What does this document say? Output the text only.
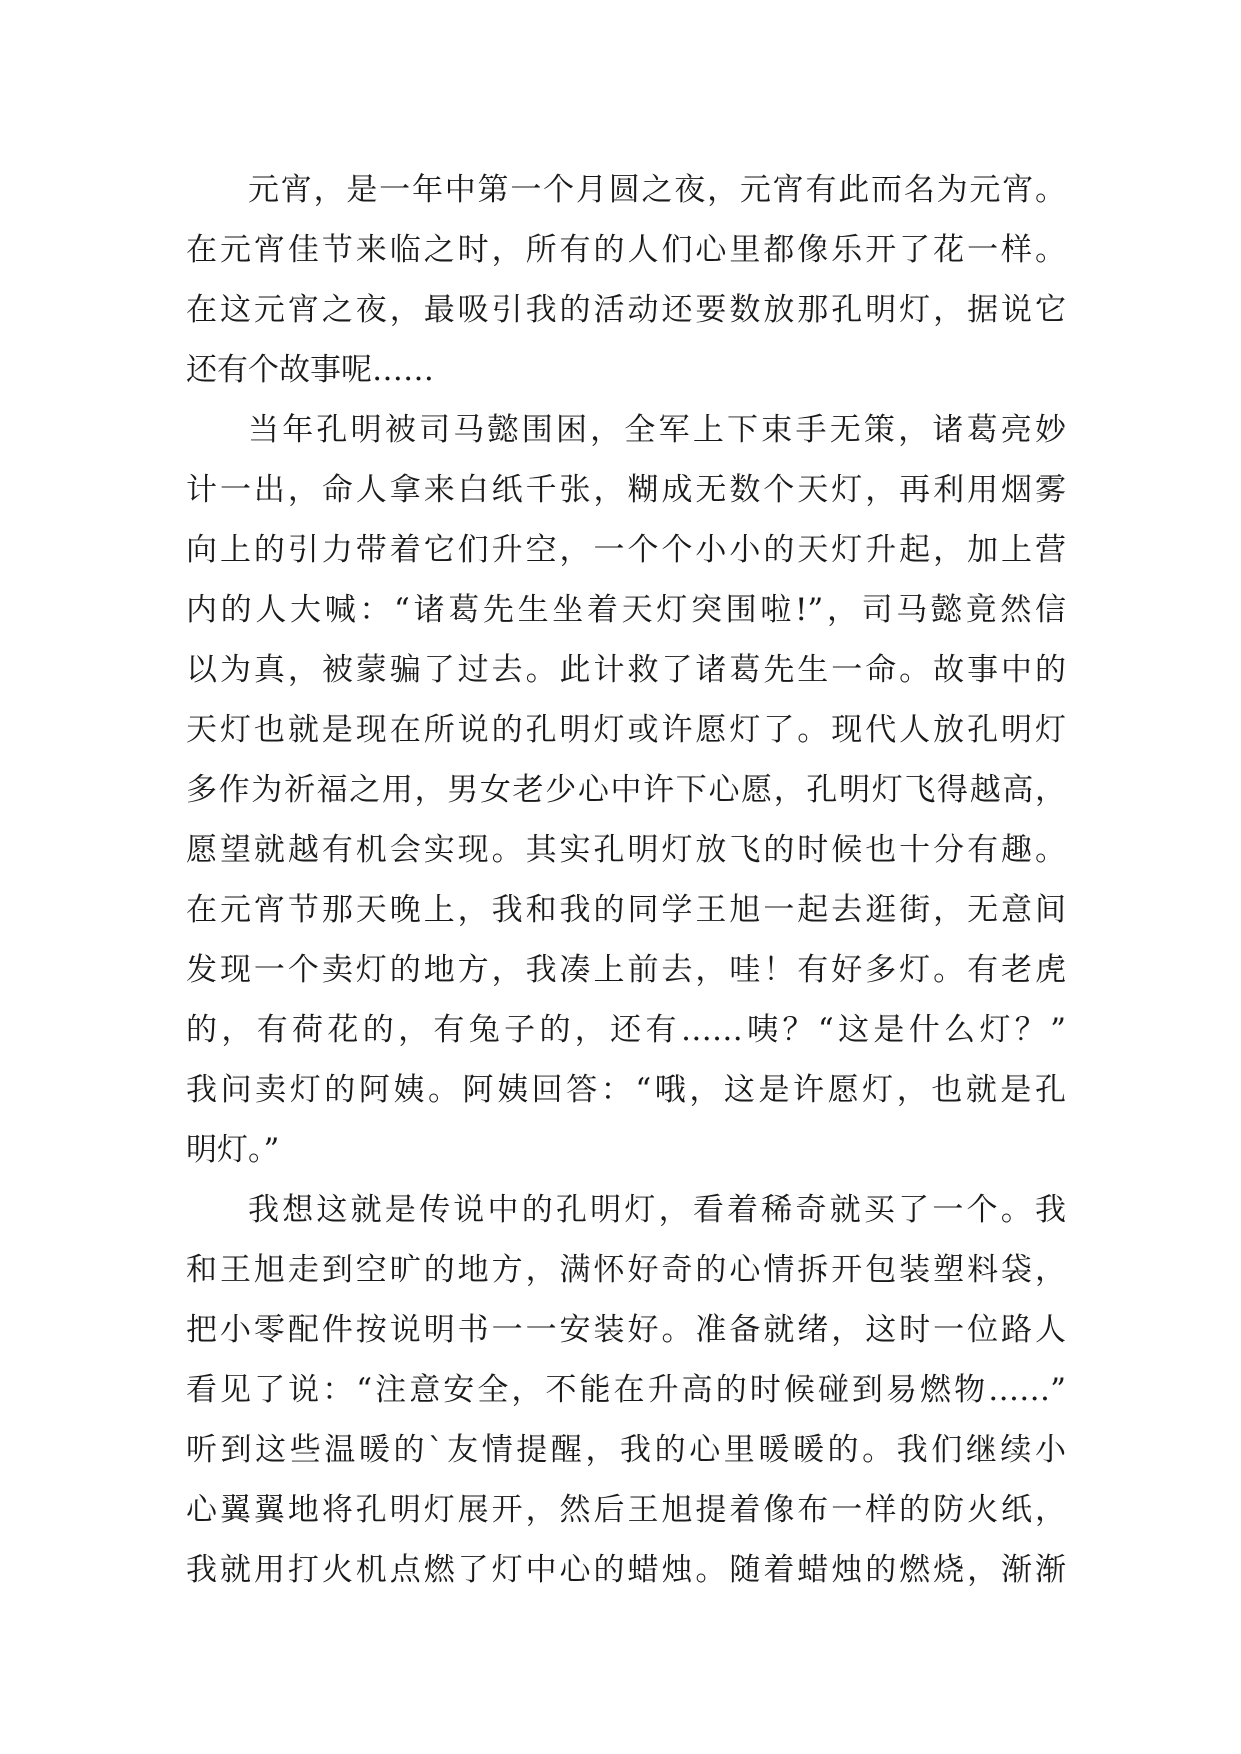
元宵，是一年中第一个月圆之夜，元宵有此而名为元宵。
在元宵佳节来临之时，所有的人们心里都像乐开了花一样。
在这元宵之夜，最吸引我的活动还要数放那孔明灯，据说它
还有个故事呢……

当年孔明被司马懿围困，全军上下束手无策，诸葛亮妙
计一出，命人拿来白纸千张，糊成无数个天灯，再利用烟雾
向上的引力带着它们升空，一个个小小的天灯升起，加上营
内的人大喊：“诸葛先生坐着天灯突围啦!”，司马懿竟然信
以为真，被蒙骗了过去。此计救了诸葛先生一命。故事中的
天灯也就是现在所说的孔明灯或许愿灯了。现代人放孔明灯
多作为祈福之用，男女老少心中许下心愿，孔明灯飞得越高，
愿望就越有机会实现。其实孔明灯放飞的时候也十分有趣。
在元宵节那天晚上，我和我的同学王旭一起去逛街，无意间
发现一个卖灯的地方，我凑上前去，哇！有好多灯。有老虎
的，有荷花的，有兔子的，还有……咦？“这是什么灯？”
我问卖灯的阿姨。阿姨回答：“哦，这是许愿灯，也就是孔
明灯。”

我想这就是传说中的孔明灯，看着稀奇就买了一个。我
和王旭走到空旷的地方，满怀好奇的心情拆开包装塑料袋，
把小零配件按说明书一一安装好。准备就绪，这时一位路人
看见了说：“注意安全，不能在升高的时候碰到易燃物……”
听到这些温暖的`友情提醒，我的心里暖暖的。我们继续小
心翼翼地将孔明灯展开，然后王旭提着像布一样的防火纸，
我就用打火机点燃了灯中心的蜡烛。随着蜡烛的燃烧，渐渐
